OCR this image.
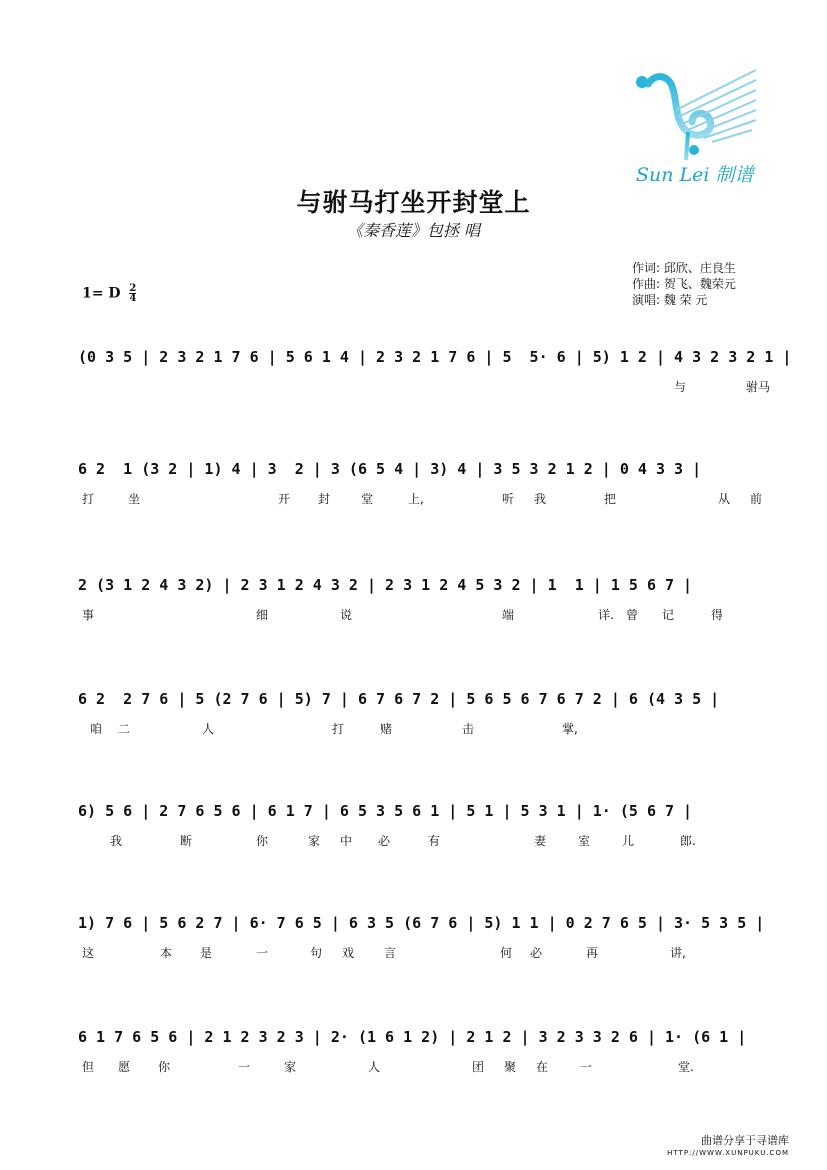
与驸马打坐开封堂上
《秦香莲》包拯 唱
作词: 邱欣、庄良生
作曲: 贺飞、魏荣元
演唱: 魏 荣 元
1= D $\frac{2}{4}$
Sun Lei 制谱
(0 3 5 | 2 3 2 1 7 6 | 5 6 1 4 | 2 3 2 1 7 6 | 5  5· 6 | 5) 1 2 | 4 3 2 3 2 1 |
与	驸马
6 2  1 (3 2 | 1) 4 | 3  2 | 3 (6 5 4 | 3) 4 | 3 5 3 2 1 2 | 0 4 3 3 |
打	坐	开 封	堂	上,	听 我	把	从 前
2 (3 1 2 4 3 2) | 2 3 1 2 4 3 2 | 2 3 1 2 4 5 3 2 | 1  1 | 1 5 6 7 |
事	细	说	端	详. 曾 记	得
6 2  2 7 6 | 5 (2 7 6 | 5) 7 | 6 7 6 7 2 | 5 6 5 6 7 6 7 2 | 6 (4 3 5 |
咱 二	人	打	赌	击	掌,
6) 5 6 | 2 7 6 5 6 | 6 1 7 | 6 5 3 5 6 1 | 5 1 | 5 3 1 | 1· (5 6 7 |
我	断	你	家 中 必	有	妻	室	儿	郎.
1) 7 6 | 5 6 2 7 | 6· 7 6 5 | 6 3 5 (6 7 6 | 5) 1 1 | 0 2 7 6 5 | 3· 5 3 5 |
这	本 是	一	句 戏 言	何 必	再	讲,
6 1 7 6 5 6 | 2 1 2 3 2 3 | 2· (1 6 1 2) | 2 1 2 | 3 2 3 3 2 6 | 1· (6 1 |
但 愿 你	一	家	人	团 聚 在	一	堂.
曲谱分享于寻谱库
HTTP://WWW.XUNPUKU.COM
